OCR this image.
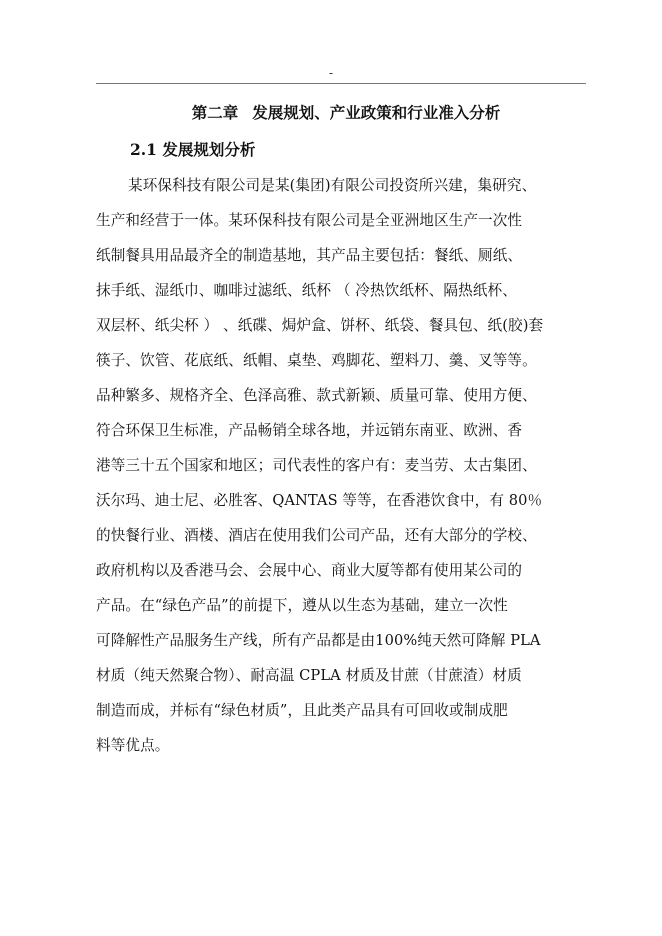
-
第二章 发展规划、产业政策和行业准入分析
2.1 发展规划分析
某环保科技有限公司是某(集团)有限公司投资所兴建，集研究、
生产和经营于一体。某环保科技有限公司是全亚洲地区生产一次性
纸制餐具用品最齐全的制造基地，其产品主要包括：餐纸、厕纸、
抹手纸、湿纸巾、咖啡过滤纸、纸杯 （ 冷热饮纸杯、隔热纸杯、
双层杯、纸尖杯 ） 、纸碟、焗炉盒、饼杯、纸袋、餐具包、纸(胶)套
筷子、饮管、花底纸、纸帽、桌垫、鸡脚花、塑料刀、羹、叉等等。
品种繁多、规格齐全、色泽高雅、款式新颖、质量可靠、使用方便、
符合环保卫生标准，产品畅销全球各地，并远销东南亚、欧洲、香
港等三十五个国家和地区；司代表性的客户有：麦当劳、太古集团、
沃尔玛、迪士尼、必胜客、QANTAS 等等，在香港饮食中，有 80％
的快餐行业、酒楼、酒店在使用我们公司产品，还有大部分的学校、
政府机构以及香港马会、会展中心、商业大厦等都有使用某公司的
产品。在“绿色产品”的前提下，遵从以生态为基础，建立一次性
可降解性产品服务生产线，所有产品都是由100%纯天然可降解 PLA
材质（纯天然聚合物）、耐高温 CPLA 材质及甘蔗（甘蔗渣）材质
制造而成，并标有“绿色材质”，且此类产品具有可回收或制成肥
料等优点。
